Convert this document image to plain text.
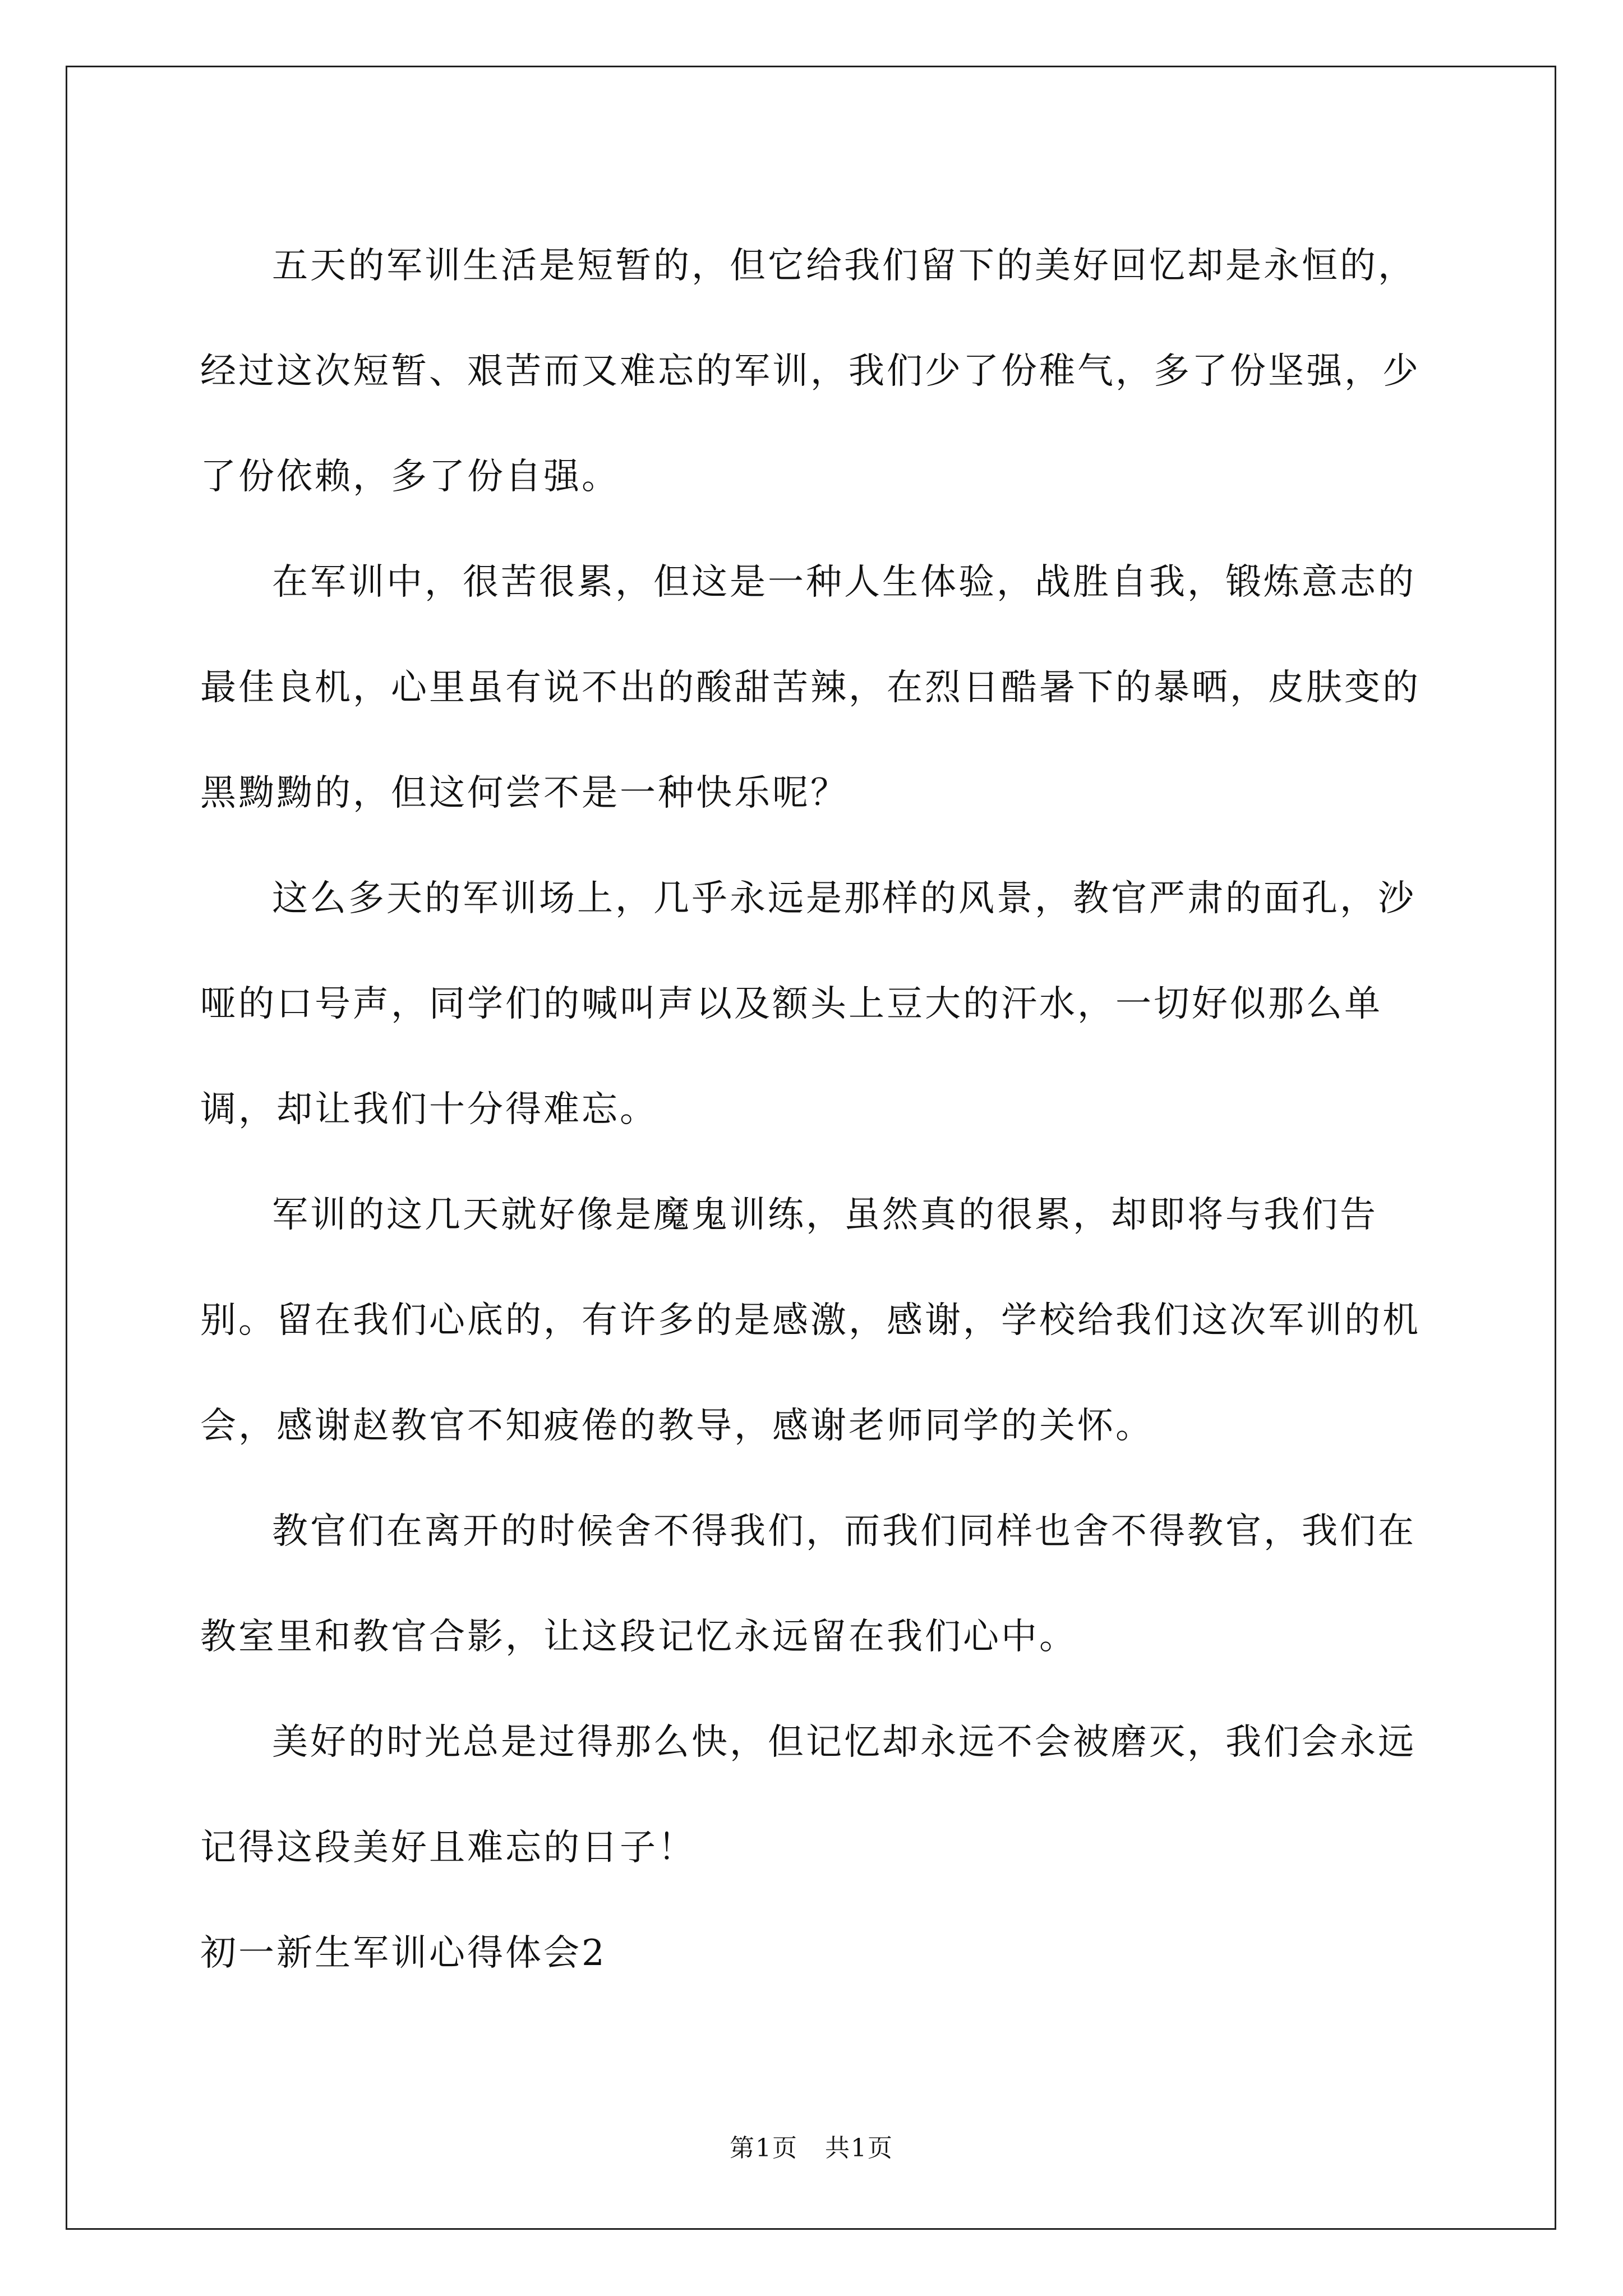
五天的军训生活是短暂的，但它给我们留下的美好回忆却是永恒的，经过这次短暂、艰苦而又难忘的军训，我们少了份稚气，多了份坚强，少了份依赖，多了份自强。

在军训中，很苦很累，但这是一种人生体验，战胜自我，锻炼意志的最佳良机，心里虽有说不出的酸甜苦辣，在烈日酷暑下的暴晒，皮肤变的黑黝黝的，但这何尝不是一种快乐呢？

这么多天的军训场上，几乎永远是那样的风景，教官严肃的面孔，沙哑的口号声，同学们的喊叫声以及额头上豆大的汗水，一切好似那么单调，却让我们十分得难忘。

军训的这几天就好像是魔鬼训练，虽然真的很累，却即将与我们告别。留在我们心底的，有许多的是感激，感谢，学校给我们这次军训的机会，感谢赵教官不知疲倦的教导，感谢老师同学的关怀。

教官们在离开的时候舍不得我们，而我们同样也舍不得教官，我们在教室里和教官合影，让这段记忆永远留在我们心中。

美好的时光总是过得那么快，但记忆却永远不会被磨灭，我们会永远记得这段美好且难忘的日子！

初一新生军训心得体会2

第1页   共1页
